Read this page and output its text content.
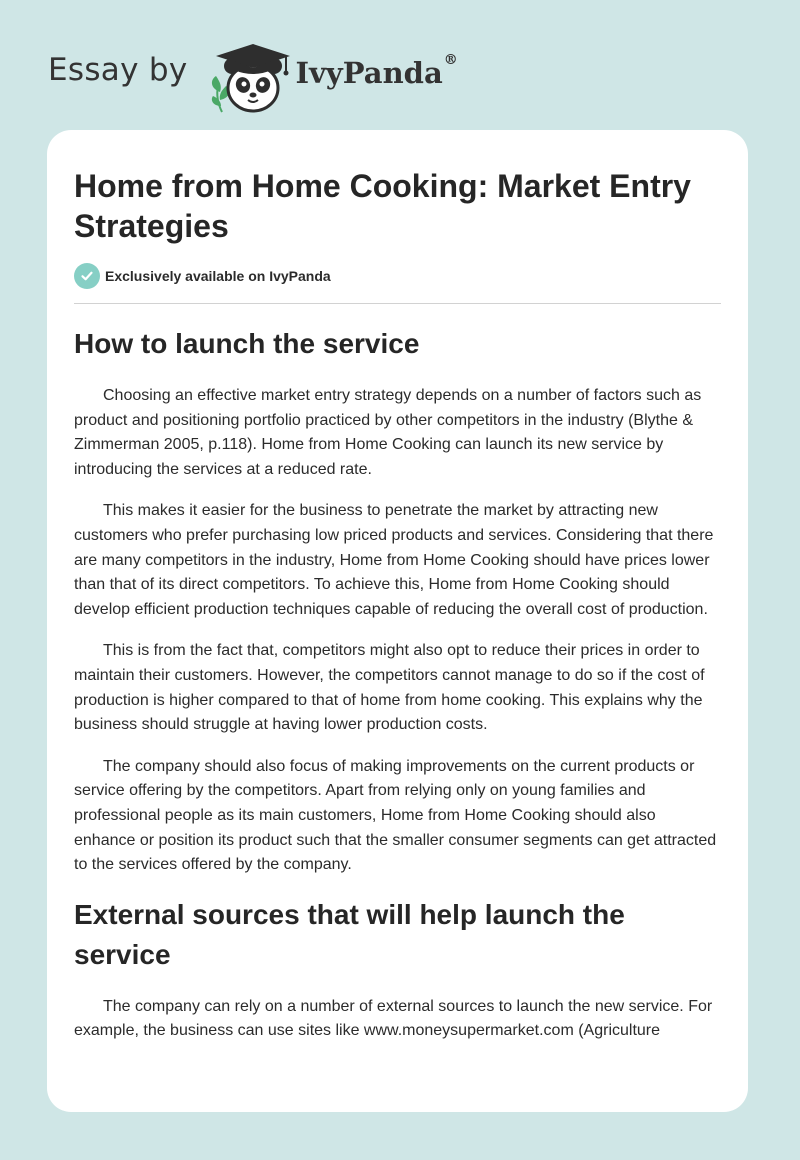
Essay by	IvyPanda®
Home from Home Cooking: Market Entry Strategies
Exclusively available on IvyPanda
How to launch the service

Choosing an effective market entry strategy depends on a number of factors such as product and positioning portfolio practiced by other competitors in the industry (Blythe & Zimmerman 2005, p.118). Home from Home Cooking can launch its new service by introducing the services at a reduced rate.

This makes it easier for the business to penetrate the market by attracting new customers who prefer purchasing low priced products and services. Considering that there are many competitors in the industry, Home from Home Cooking should have prices lower than that of its direct competitors. To achieve this, Home from Home Cooking should develop efficient production techniques capable of reducing the overall cost of production.

This is from the fact that, competitors might also opt to reduce their prices in order to maintain their customers. However, the competitors cannot manage to do so if the cost of production is higher compared to that of home from home cooking. This explains why the business should struggle at having lower production costs.

The company should also focus of making improvements on the current products or service offering by the competitors. Apart from relying only on young families and professional people as its main customers, Home from Home Cooking should also enhance or position its product such that the smaller consumer segments can get attracted to the services offered by the company.

External sources that will help launch the service

The company can rely on a number of external sources to launch the new service. For example, the business can use sites like www.moneysupermarket.com (Agriculture
